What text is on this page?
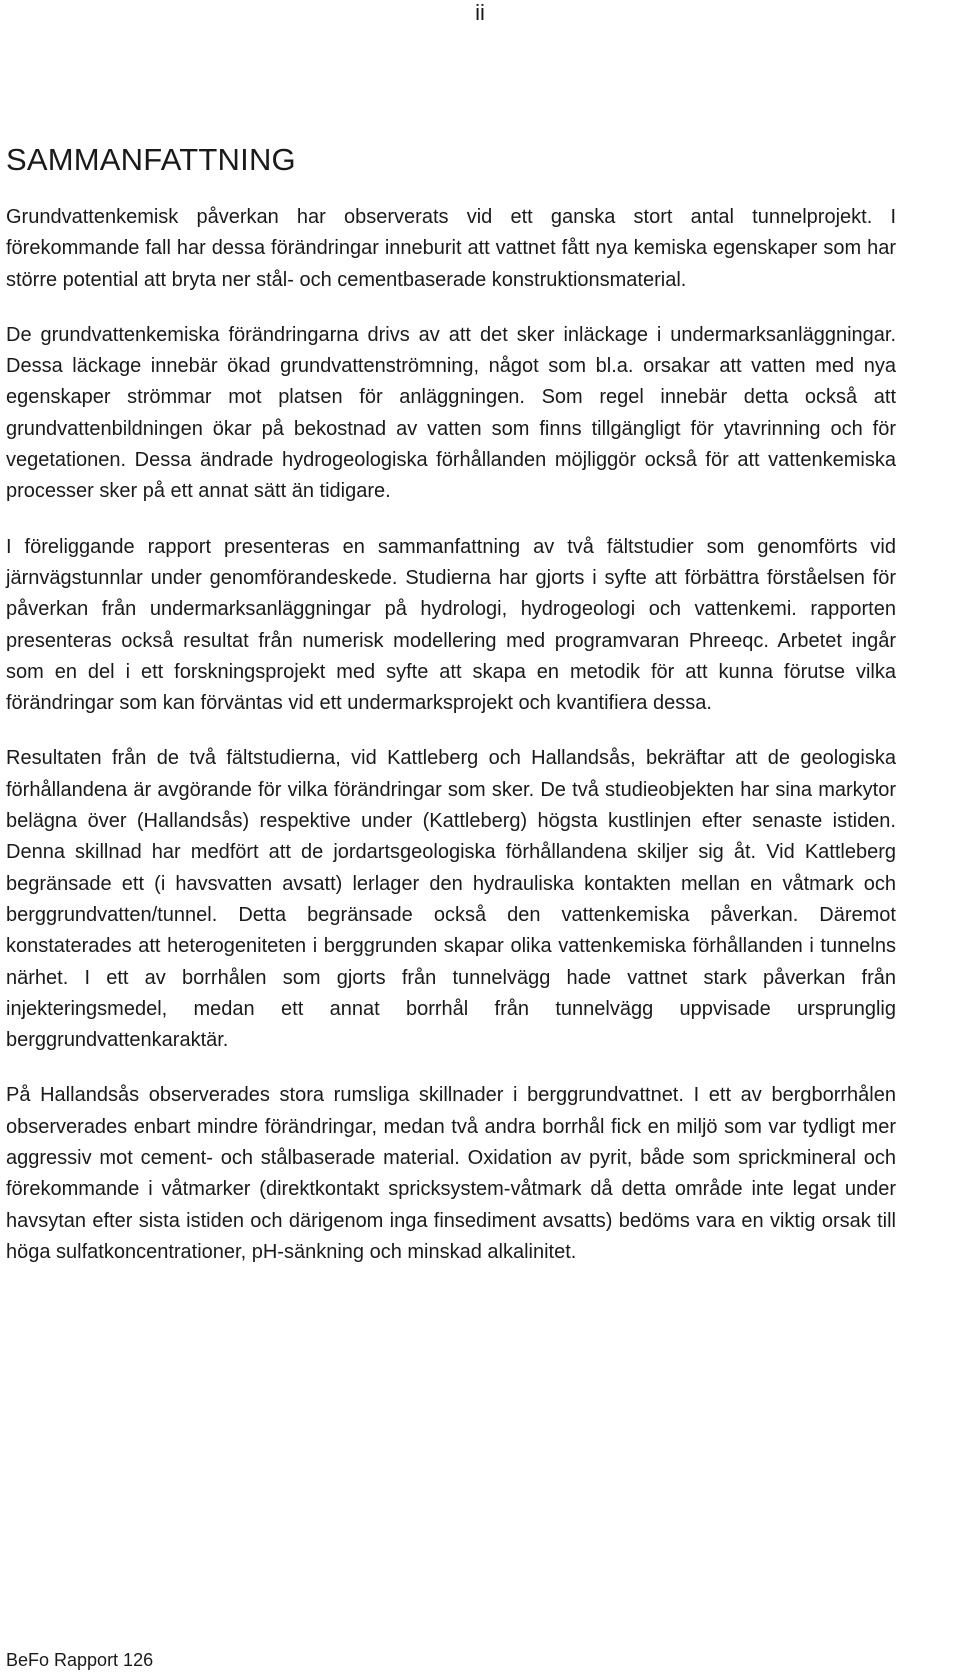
ii
SAMMANFATTNING

Grundvattenkemisk påverkan har observerats vid ett ganska stort antal tunnelprojekt. I förekommande fall har dessa förändringar inneburit att vattnet fått nya kemiska egenskaper som har större potential att bryta ner stål- och cementbaserade konstruktionsmaterial.

De grundvattenkemiska förändringarna drivs av att det sker inläckage i undermarksanläggningar. Dessa läckage innebär ökad grundvattenströmning, något som bl.a. orsakar att vatten med nya egenskaper strömmar mot platsen för anläggningen. Som regel innebär detta också att grundvattenbildningen ökar på bekostnad av vatten som finns tillgängligt för ytavrinning och för vegetationen. Dessa ändrade hydrogeologiska förhållanden möjliggör också för att vattenkemiska processer sker på ett annat sätt än tidigare.

I föreliggande rapport presenteras en sammanfattning av två fältstudier som genomförts vid järnvägstunnlar under genomförandeskede. Studierna har gjorts i syfte att förbättra förståelsen för påverkan från undermarksanläggningar på hydrologi, hydrogeologi och vattenkemi. rapporten presenteras också resultat från numerisk modellering med programvaran Phreeqc. Arbetet ingår som en del i ett forskningsprojekt med syfte att skapa en metodik för att kunna förutse vilka förändringar som kan förväntas vid ett undermarksprojekt och kvantifiera dessa.

Resultaten från de två fältstudierna, vid Kattleberg och Hallandsås, bekräftar att de geologiska förhållandena är avgörande för vilka förändringar som sker. De två studieobjekten har sina markytor belägna över (Hallandsås) respektive under (Kattleberg) högsta kustlinjen efter senaste istiden. Denna skillnad har medfört att de jordartsgeologiska förhållandena skiljer sig åt. Vid Kattleberg begränsade ett (i havsvatten avsatt) lerlager den hydrauliska kontakten mellan en våtmark och berggrundvatten/tunnel. Detta begränsade också den vattenkemiska påverkan. Däremot konstaterades att heterogeniteten i berggrunden skapar olika vattenkemiska förhållanden i tunnelns närhet. I ett av borrhålen som gjorts från tunnelvägg hade vattnet stark påverkan från injekteringsmedel, medan ett annat borrhål från tunnelvägg uppvisade ursprunglig berggrundvattenkaraktär.

På Hallandsås observerades stora rumsliga skillnader i berggrundvattnet. I ett av bergborrhålen observerades enbart mindre förändringar, medan två andra borrhål fick en miljö som var tydligt mer aggressiv mot cement- och stålbaserade material. Oxidation av pyrit, både som sprickmineral och förekommande i våtmarker (direktkontakt spricksystem-våtmark då detta område inte legat under havsytan efter sista istiden och därigenom inga finsediment avsatts) bedöms vara en viktig orsak till höga sulfatkoncentrationer, pH-sänkning och minskad alkalinitet.

BeFo Rapport 126
